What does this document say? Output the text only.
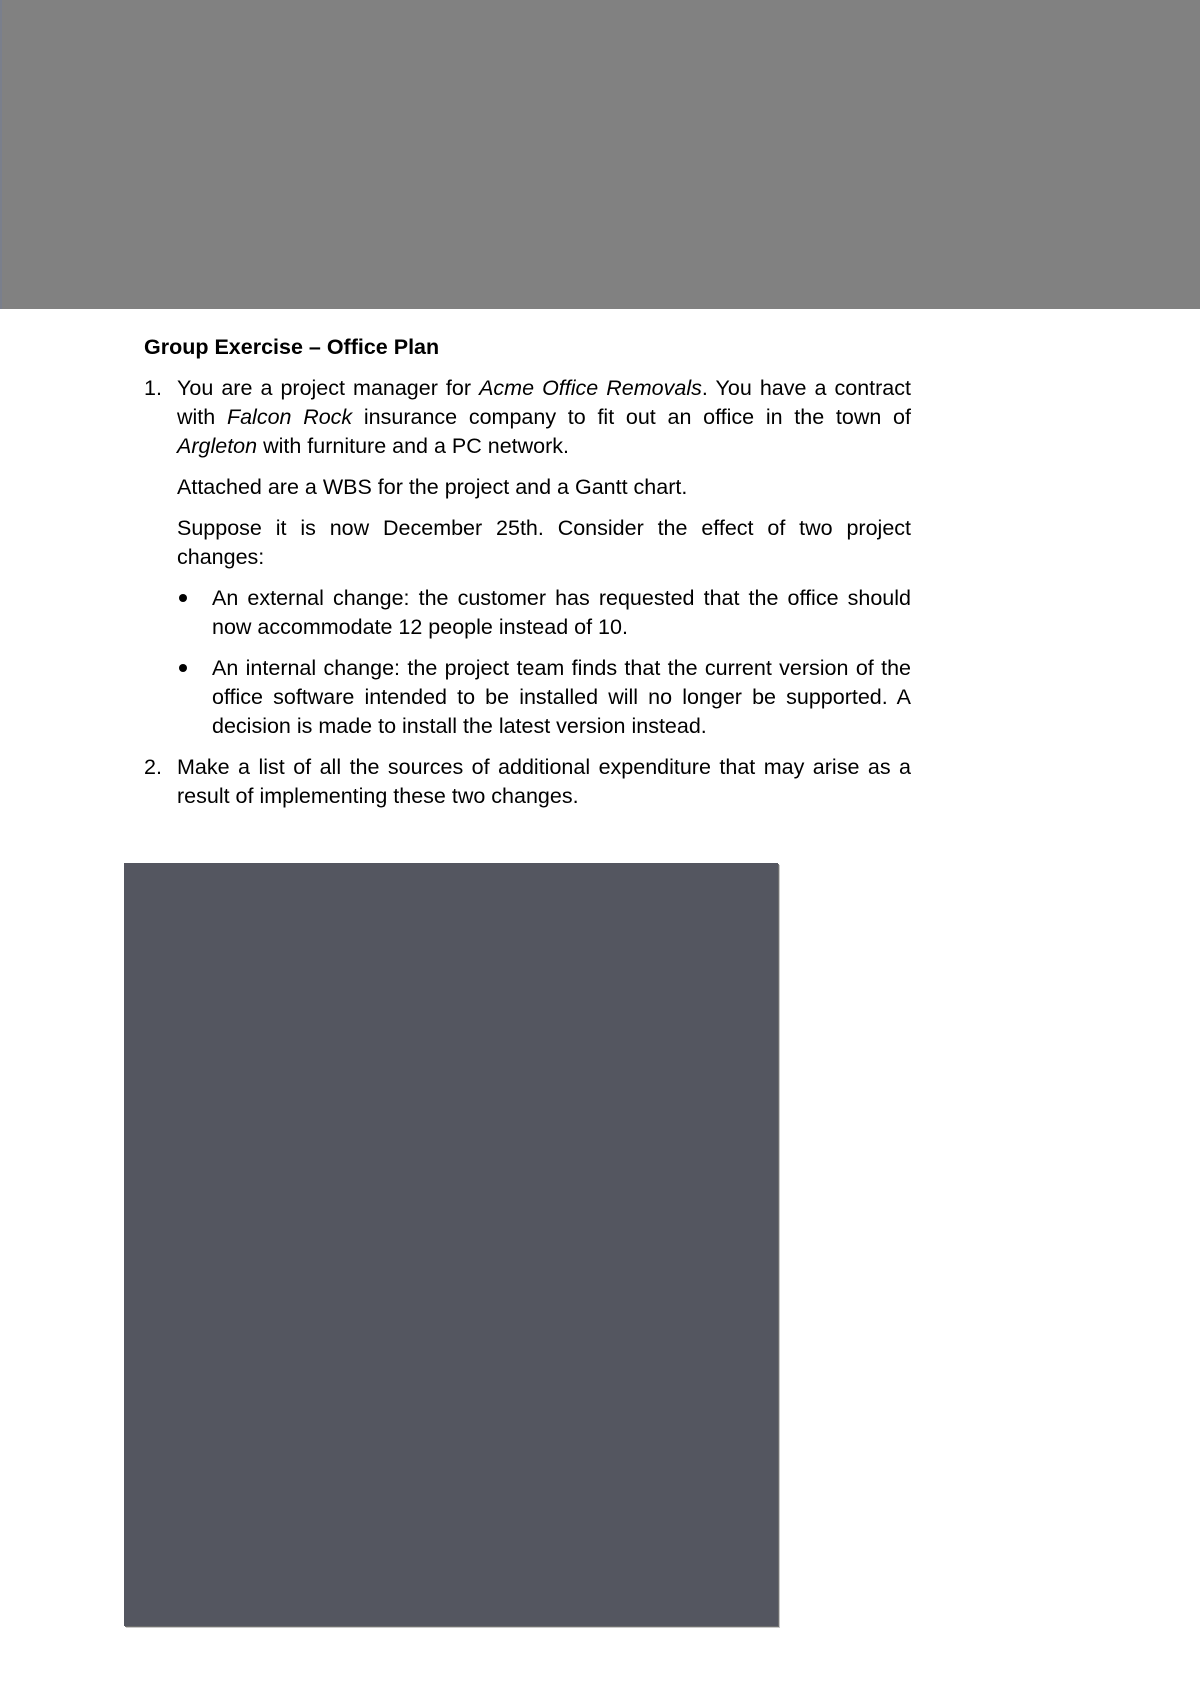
Group Exercise – Office Plan
1. You are a project manager for Acme Office Removals. You have a contract with Falcon Rock insurance company to fit out an office in the town of Argleton with furniture and a PC network.

Attached are a WBS for the project and a Gantt chart.

Suppose it is now December 25th. Consider the effect of two project changes:

An external change: the customer has requested that the office should now accommodate 12 people instead of 10.
An internal change: the project team finds that the current version of the office software intended to be installed will no longer be supported. A decision is made to install the latest version instead.
2. Make a list of all the sources of additional expenditure that may arise as a result of implementing these two changes.
